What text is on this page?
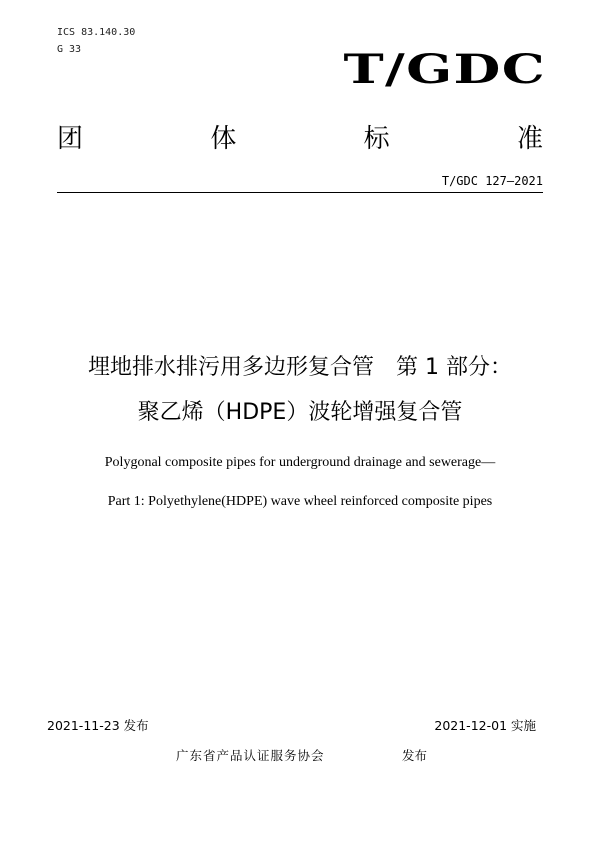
ICS 83.140.30
G 33	T/GDC
团	体	标	准
T/GDC 127—2021
埋地排水排污用多边形复合管　第 1 部分：
聚乙烯（HDPE）波轮增强复合管
Polygonal composite pipes for underground drainage and sewerage—
Part 1: Polyethylene(HDPE) wave wheel reinforced composite pipes
2021-11-23 发布	2021-12-01 实施
广东省产品认证服务协会	发布
